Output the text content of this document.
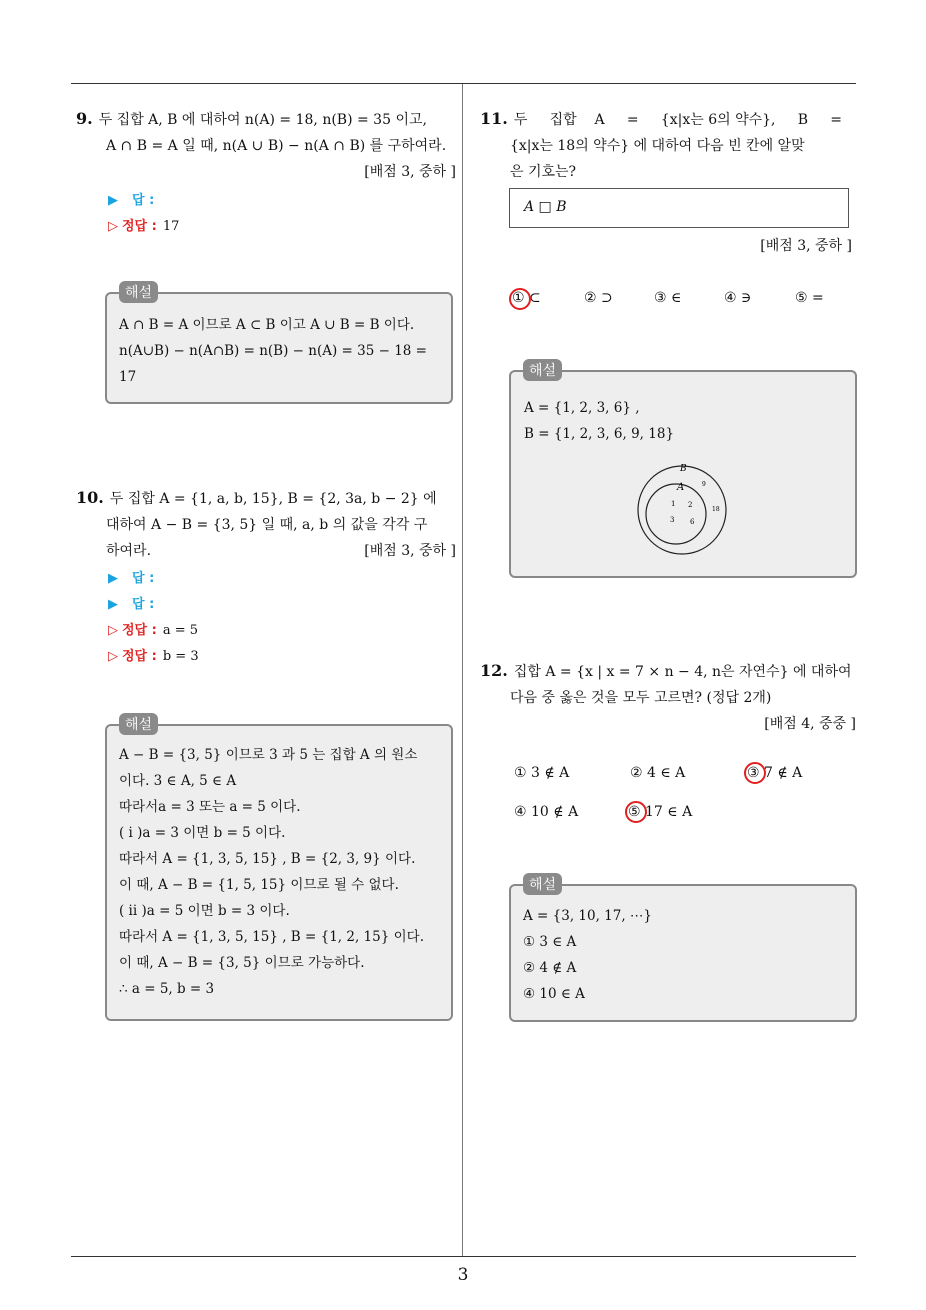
3
9. 두 집합 A, B 에 대하여 n(A) = 18, n(B) = 35 이고,
A ∩ B = A 일 때, n(A ∪ B) − n(A ∩ B) 를 구하여라.
[배점 3, 중하 ]
▶ 답 :
▷ 정답 : 17
해설
A ∩ B = A 이므로 A ⊂ B 이고 A ∪ B = B 이다.
n(A∪B) − n(A∩B) = n(B) − n(A) = 35 − 18 =
17
10. 두 집합 A = {1, a, b, 15}, B = {2, 3a, b − 2} 에
대하여 A − B = {3, 5} 일 때, a, b 의 값을 각각 구
하여라.	[배점 3, 중하 ]
▶ 답 :
▶ 답 :
▷ 정답 : a = 5
▷ 정답 : b = 3
해설
A − B = {3, 5} 이므로 3 과 5 는 집합 A 의 원소
이다. 3 ∈ A, 5 ∈ A
따라서a = 3 또는 a = 5 이다.
( i )a = 3 이면 b = 5 이다.
따라서 A = {1, 3, 5, 15} , B = {2, 3, 9} 이다.
이 때, A − B = {1, 5, 15} 이므로 될 수 없다.
( ii )a = 5 이면 b = 3 이다.
따라서 A = {1, 3, 5, 15} , B = {1, 2, 15} 이다.
이 때, A − B = {3, 5} 이므로 가능하다.
∴ a = 5, b = 3
11. 두     집합    A     =     {x|x는 6의 약수},     B     =
{x|x는 18의 약수} 에 대하여 다음 빈 칸에 알맞
은 기호는?
A □ B
[배점 3, 중하 ]
① ⊂	② ⊃	③ ∈	④ ∋	⑤ =
해설
A = {1, 2, 3, 6} ,
B = {1, 2, 3, 6, 9, 18}
B
A
1 2
3 6
9
18
12. 집합 A = {x | x = 7 × n − 4, n은 자연수} 에 대하여
다음 중 옳은 것을 모두 고르면? (정답 2개)
[배점 4, 중중 ]
① 3 ∉ A	② 4 ∈ A	③ 7 ∉ A
④ 10 ∉ A	⑤ 17 ∈ A
해설
A = {3, 10, 17, ⋯}
① 3 ∈ A
② 4 ∉ A
④ 10 ∈ A
